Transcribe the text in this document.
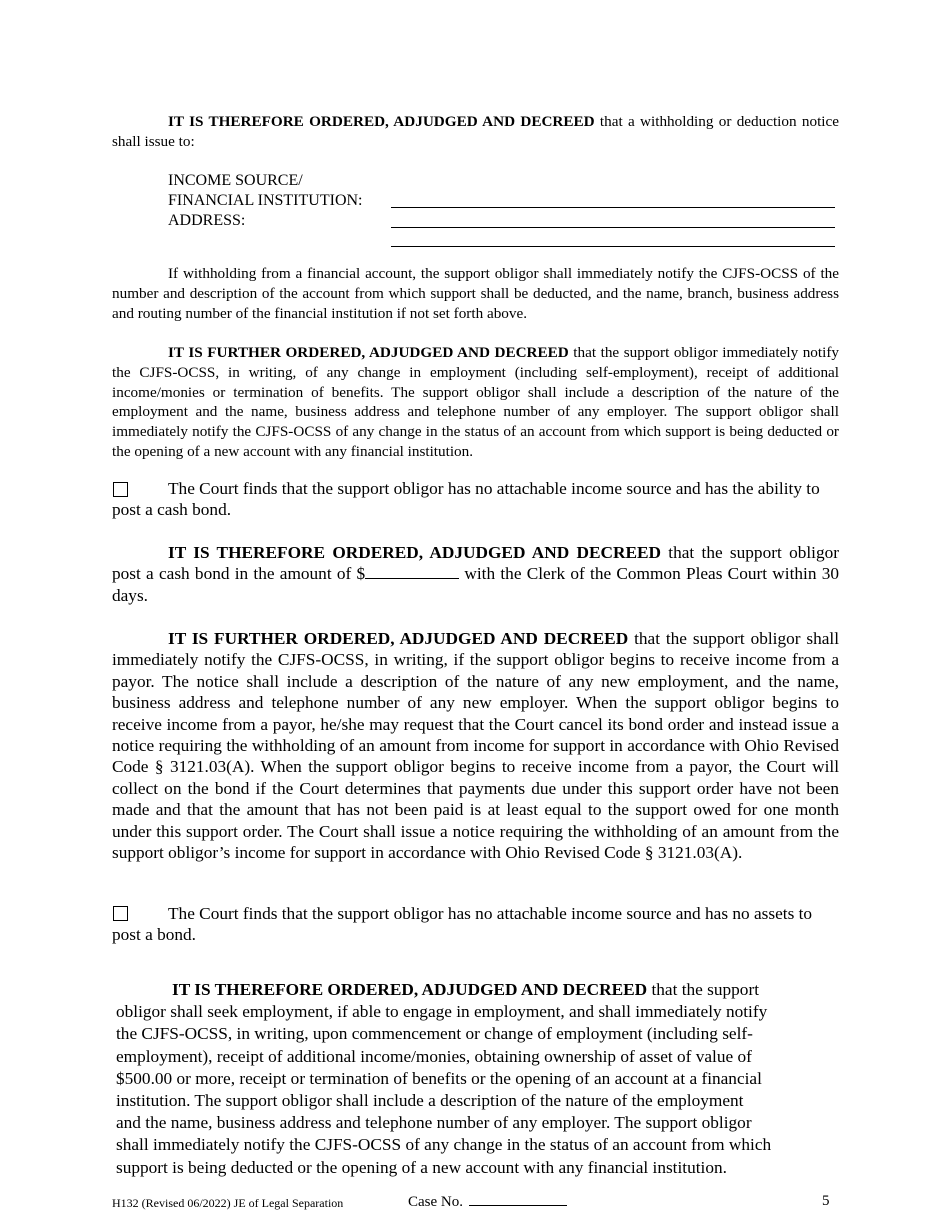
IT IS THEREFORE ORDERED, ADJUDGED AND DECREED that a withholding or deduction notice shall issue to:
INCOME SOURCE/
FINANCIAL INSTITUTION:
ADDRESS:
If withholding from a financial account, the support obligor shall immediately notify the CJFS-OCSS of the number and description of the account from which support shall be deducted, and the name, branch, business address and routing number of the financial institution if not set forth above.
IT IS FURTHER ORDERED, ADJUDGED AND DECREED that the support obligor immediately notify the CJFS-OCSS, in writing, of any change in employment (including self-employment), receipt of additional income/monies or termination of benefits. The support obligor shall include a description of the nature of the employment and the name, business address and telephone number of any employer. The support obligor shall immediately notify the CJFS-OCSS of any change in the status of an account from which support is being deducted or the opening of a new account with any financial institution.
The Court finds that the support obligor has no attachable income source and has the ability to post a cash bond.
IT IS THEREFORE ORDERED, ADJUDGED AND DECREED that the support obligor post a cash bond in the amount of $	with the Clerk of the Common Pleas Court within 30 days.
IT IS FURTHER ORDERED, ADJUDGED AND DECREED that the support obligor shall immediately notify the CJFS-OCSS, in writing, if the support obligor begins to receive income from a payor. The notice shall include a description of the nature of any new employment, and the name, business address and telephone number of any new employer. When the support obligor begins to receive income from a payor, he/she may request that the Court cancel its bond order and instead issue a notice requiring the withholding of an amount from income for support in accordance with Ohio Revised Code § 3121.03(A). When the support obligor begins to receive income from a payor, the Court will collect on the bond if the Court determines that payments due under this support order have not been made and that the amount that has not been paid is at least equal to the support owed for one month under this support order. The Court shall issue a notice requiring the withholding of an amount from the support obligor’s income for support in accordance with Ohio Revised Code § 3121.03(A).
The Court finds that the support obligor has no attachable income source and has no assets to post a bond.
IT IS THEREFORE ORDERED, ADJUDGED AND DECREED that the support
obligor shall seek employment, if able to engage in employment, and shall immediately notify
the CJFS-OCSS, in writing, upon commencement or change of employment (including self-
employment), receipt of additional income/monies, obtaining ownership of asset of value of
$500.00 or more, receipt or termination of benefits or the opening of an account at a financial
institution. The support obligor shall include a description of the nature of the employment
and the name, business address and telephone number of any employer. The support obligor
shall immediately notify the CJFS-OCSS of any change in the status of an account from which
support is being deducted or the opening of a new account with any financial institution.
H132 (Revised 06/2022) JE of Legal Separation	Case No.	5
